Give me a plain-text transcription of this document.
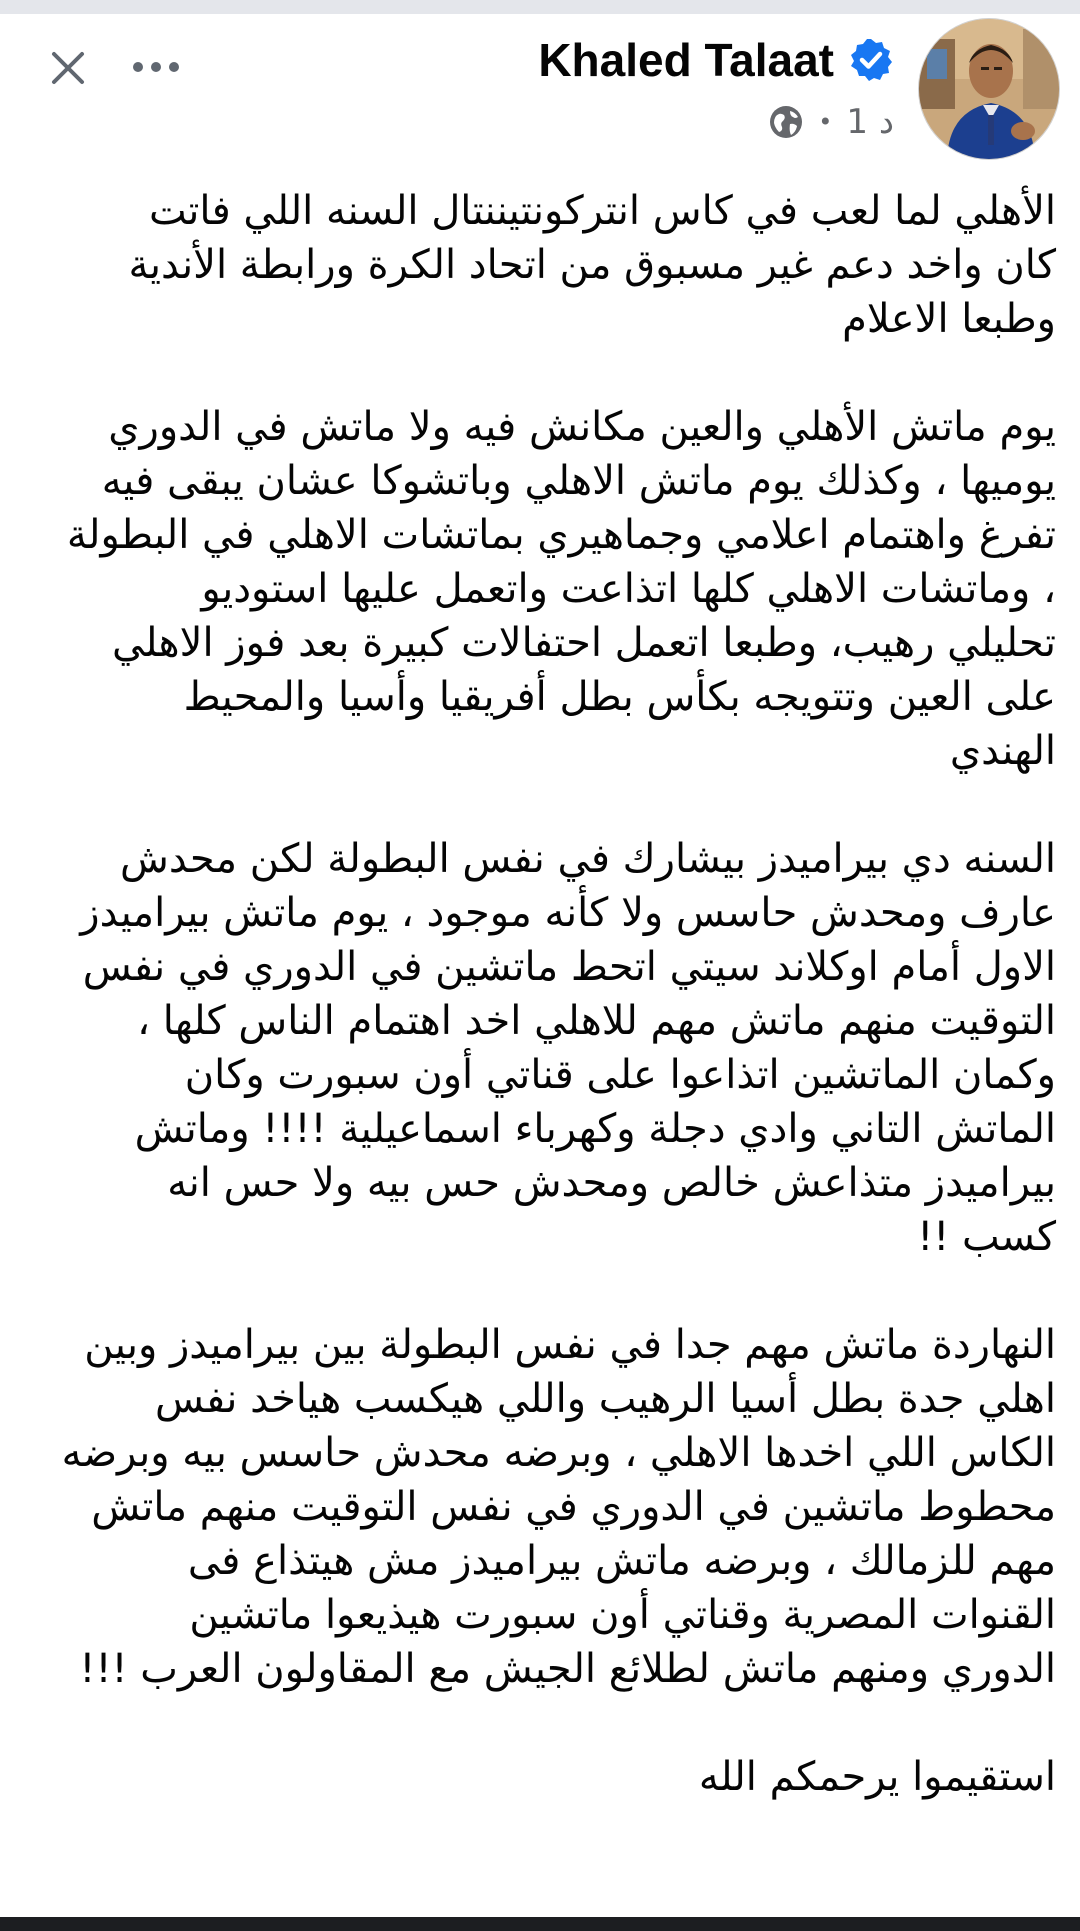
Khaled Talaat
• 1 د

الأهلي لما لعب في كاس انتركونتيننتال السنه اللي فاتت
كان واخد دعم غير مسبوق من اتحاد الكرة ورابطة الأندية
وطبعا الاعلام

يوم ماتش الأهلي والعين مكانش فيه ولا ماتش في الدوري
يوميها ، وكذلك يوم ماتش الاهلي وباتشوكا عشان يبقى فيه
تفرغ واهتمام اعلامي وجماهيري بماتشات الاهلي في البطولة
، وماتشات الاهلي كلها اتذاعت واتعمل عليها استوديو
تحليلي رهيب، وطبعا اتعمل احتفالات كبيرة بعد فوز الاهلي
على العين وتتويجه بكأس بطل أفريقيا وأسيا والمحيط
الهندي

السنه دي بيراميدز بيشارك في نفس البطولة لكن محدش
عارف ومحدش حاسس ولا كأنه موجود ، يوم ماتش بيراميدز
الاول أمام اوكلاند سيتي اتحط ماتشين في الدوري في نفس
التوقيت منهم ماتش مهم للاهلي اخد اهتمام الناس كلها ،
وكمان الماتشين اتذاعوا على قناتي أون سبورت وكان
الماتش التاني وادي دجلة وكهرباء اسماعيلية !!!! وماتش
بيراميدز متذاعش خالص ومحدش حس بيه ولا حس انه
كسب !!

النهاردة ماتش مهم جدا في نفس البطولة بين بيراميدز وبين
اهلي جدة بطل أسيا الرهيب واللي هيكسب هياخد نفس
الكاس اللي اخدها الاهلي ، وبرضه محدش حاسس بيه وبرضه
محطوط ماتشين في الدوري في نفس التوقيت منهم ماتش
مهم للزمالك ، وبرضه ماتش بيراميدز مش هيتذاع فى
القنوات المصرية وقناتي أون سبورت هيذيعوا ماتشين
الدوري ومنهم ماتش لطلائع الجيش مع المقاولون العرب !!!

استقيموا يرحمكم الله
